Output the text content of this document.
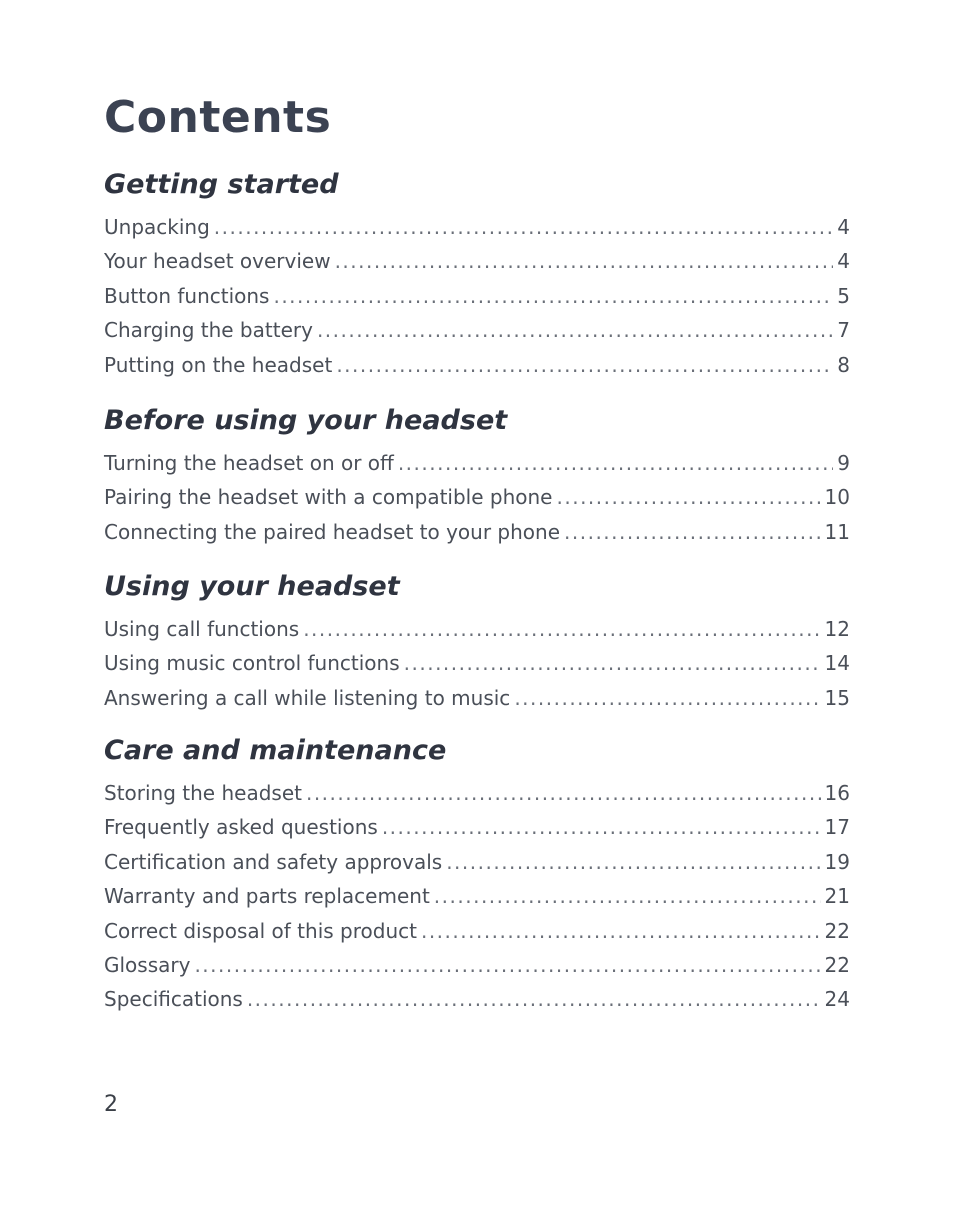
Contents
Getting started
Unpacking .....	4
Your headset overview .....	4
Button functions .....	5
Charging the battery .....	7
Putting on the headset .....	8
Before using your headset
Turning the headset on or off .....	9
Pairing the headset with a compatible phone .....	10
Connecting the paired headset to your phone .....	11
Using your headset
Using call functions .....	12
Using music control functions .....	14
Answering a call while listening to music .....	15
Care and maintenance
Storing the headset .....	16
Frequently asked questions .....	17
Certification and safety approvals .....	19
Warranty and parts replacement .....	21
Correct disposal of this product .....	22
Glossary .....	22
Specifications .....	24
2
